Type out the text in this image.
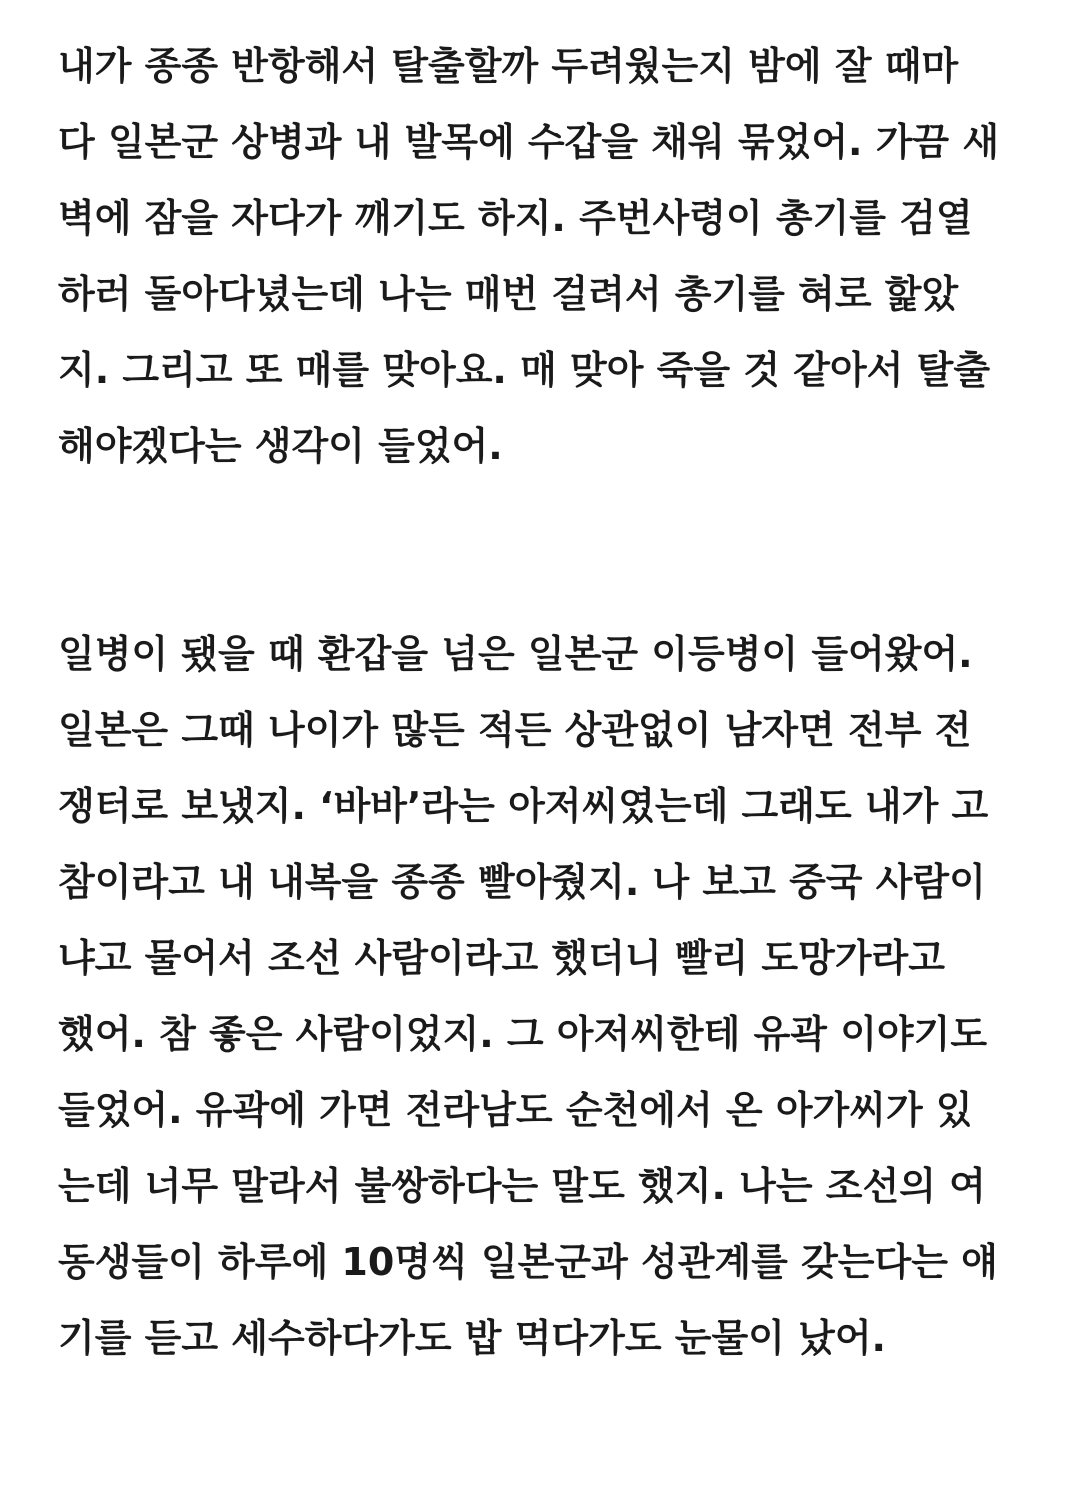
내가 종종 반항해서 탈출할까 두려웠는지 밤에 잘 때마
다 일본군 상병과 내 발목에 수갑을 채워 묶었어. 가끔 새
벽에 잠을 자다가 깨기도 하지. 주번사령이 총기를 검열
하러 돌아다녔는데 나는 매번 걸려서 총기를 혀로 핥았
지. 그리고 또 매를 맞아요. 매 맞아 죽을 것 같아서 탈출
해야겠다는 생각이 들었어.
일병이 됐을 때 환갑을 넘은 일본군 이등병이 들어왔어.
일본은 그때 나이가 많든 적든 상관없이 남자면 전부 전
쟁터로 보냈지. ‘바바’라는 아저씨였는데 그래도 내가 고
참이라고 내 내복을 종종 빨아줬지. 나 보고 중국 사람이
냐고 물어서 조선 사람이라고 했더니 빨리 도망가라고
했어. 참 좋은 사람이었지. 그 아저씨한테 유곽 이야기도
들었어. 유곽에 가면 전라남도 순천에서 온 아가씨가 있
는데 너무 말라서 불쌍하다는 말도 했지. 나는 조선의 여
동생들이 하루에 10명씩 일본군과 성관계를 갖는다는 얘
기를 듣고 세수하다가도 밥 먹다가도 눈물이 났어.
